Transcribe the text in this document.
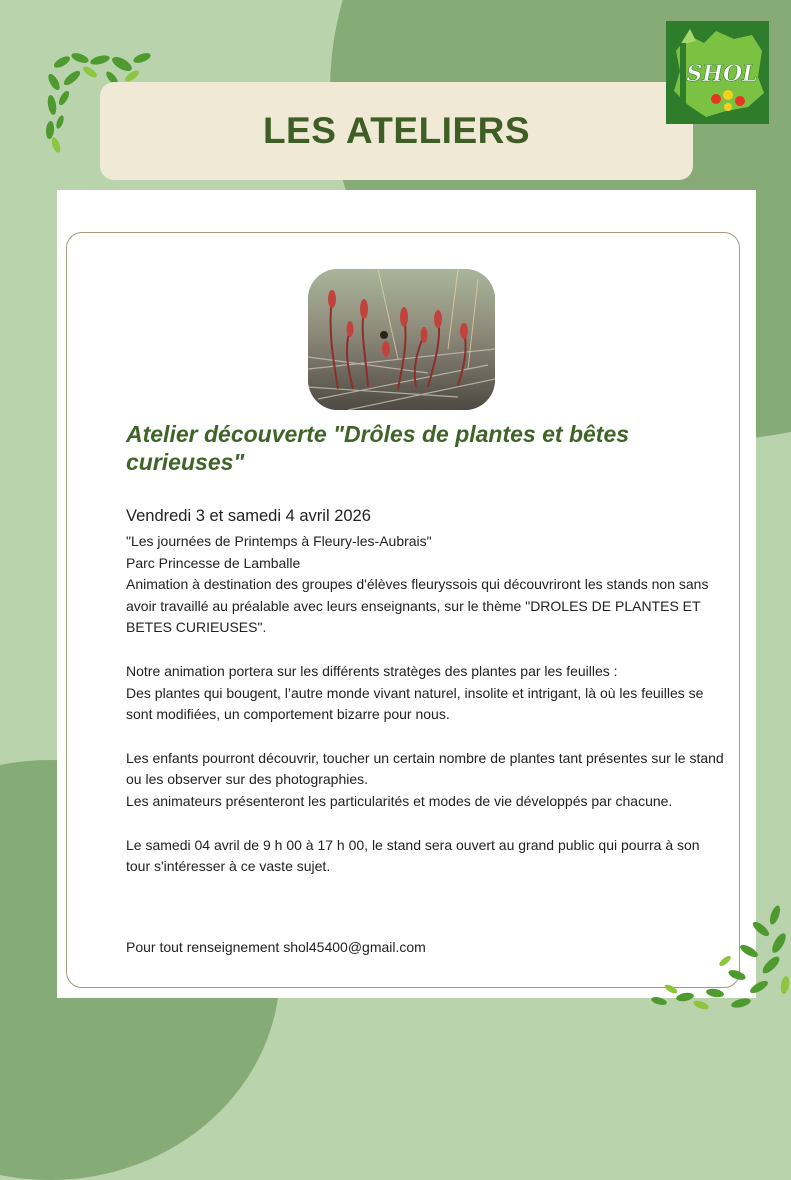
LES ATELIERS
SHOL
Atelier découverte "Drôles de plantes et bêtes curieuses"

Vendredi 3 et samedi 4 avril 2026

"Les journées de Printemps à Fleury-les-Aubrais"

Parc Princesse de Lamballe

Animation à destination des groupes d'élèves fleuryssois qui découvriront les stands non sans avoir travaillé au préalable avec leurs enseignants, sur le thème "DROLES DE PLANTES ET BETES CURIEUSES".

Notre animation portera sur les différents stratèges des plantes par les feuilles :

Des plantes qui bougent, l’autre monde vivant naturel, insolite et intrigant, là où les feuilles se sont modifiées, un comportement bizarre pour nous.

Les enfants pourront découvrir, toucher un certain nombre de plantes tant présentes sur le stand ou les observer sur des photographies.

Les animateurs présenteront les particularités et modes de vie développés par chacune.

Le samedi 04 avril de 9 h 00 à 17 h 00, le stand sera ouvert au grand public qui pourra à son tour s'intéresser à ce vaste sujet.

Pour tout renseignement shol45400@gmail.com
